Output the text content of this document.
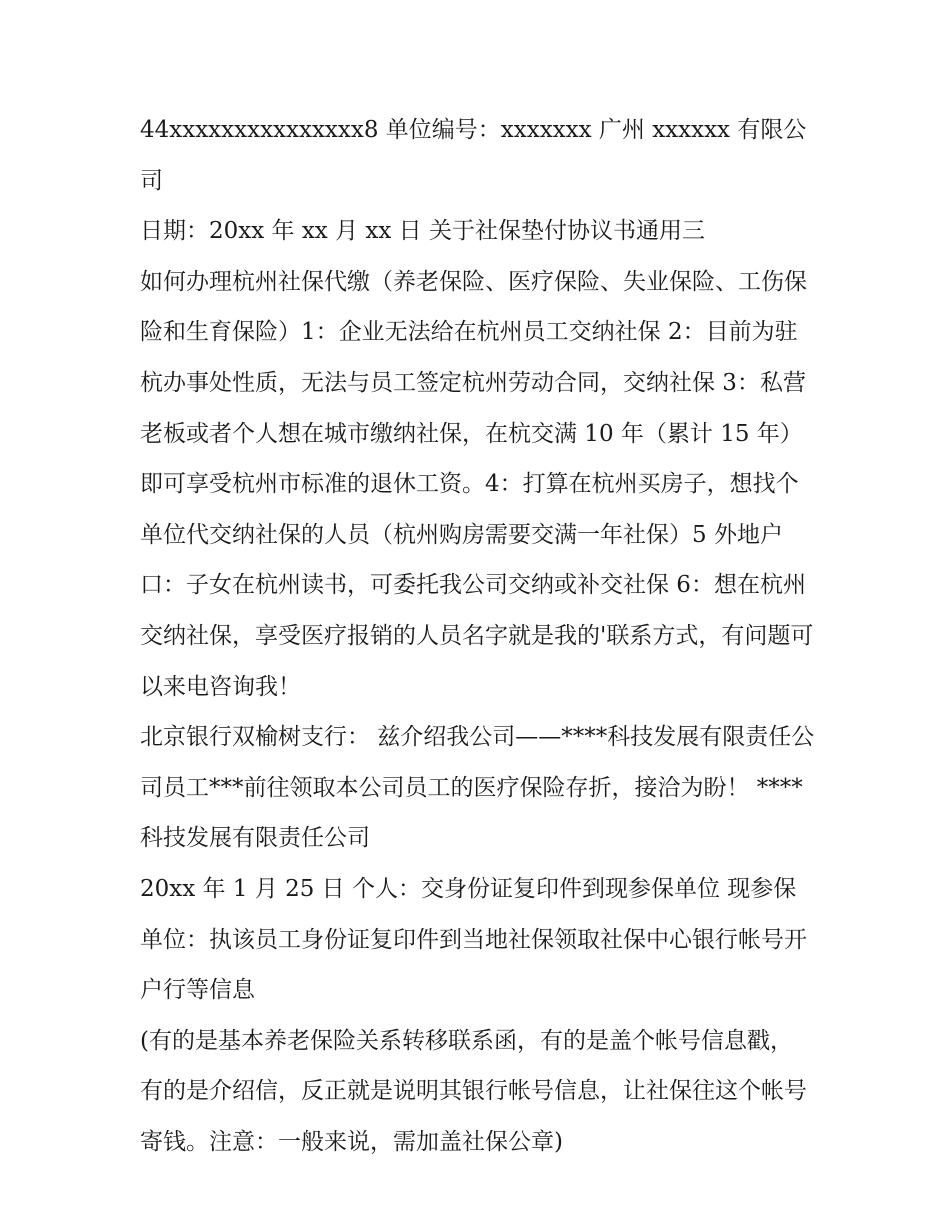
44xxxxxxxxxxxxxxx8 单位编号：xxxxxxx 广州 xxxxxx 有限公司

日期：20xx 年 xx 月 xx 日 关于社保垫付协议书通用三

如何办理杭州社保代缴（养老保险、医疗保险、失业保险、工伤保险和生育保险）1：企业无法给在杭州员工交纳社保 2：目前为驻杭办事处性质，无法与员工签定杭州劳动合同，交纳社保 3：私营老板或者个人想在城市缴纳社保，在杭交满 10 年（累计 15 年）即可享受杭州市标准的退休工资。4：打算在杭州买房子，想找个单位代交纳社保的人员（杭州购房需要交满一年社保）5 外地户口：子女在杭州读书，可委托我公司交纳或补交社保 6：想在杭州交纳社保，享受医疗报销的人员名字就是我的'联系方式，有问题可以来电咨询我！

北京银行双榆树支行： 兹介绍我公司——****科技发展有限责任公司员工***前往领取本公司员工的医疗保险存折，接洽为盼！ ****科技发展有限责任公司

20xx 年 1 月 25 日 个人：交身份证复印件到现参保单位 现参保单位：执该员工身份证复印件到当地社保领取社保中心银行帐号开户行等信息

(有的是基本养老保险关系转移联系函，有的是盖个帐号信息戳，有的是介绍信，反正就是说明其银行帐号信息，让社保往这个帐号寄钱。注意：一般来说，需加盖社保公章)
